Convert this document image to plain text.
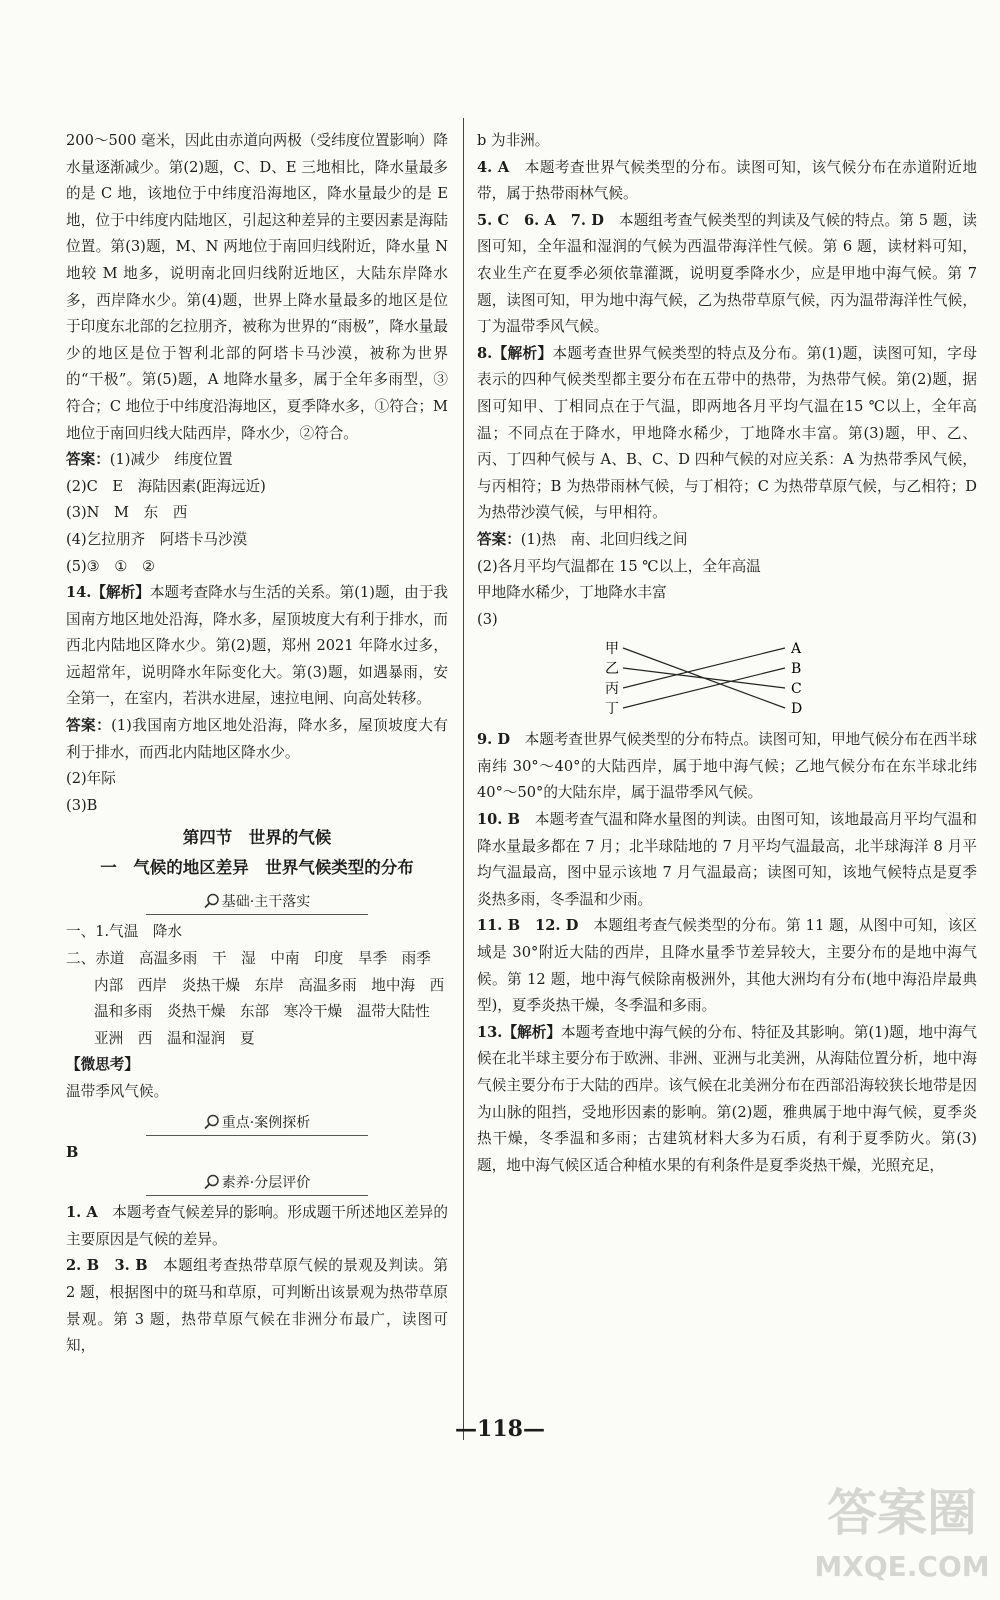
200～500 毫米，因此由赤道向两极（受纬度位置影响）降水量逐渐减少。第(2)题，C、D、E 三地相比，降水量最多的是 C 地，该地位于中纬度沿海地区，降水量最少的是 E 地，位于中纬度内陆地区，引起这种差异的主要因素是海陆位置。第(3)题，M、N 两地位于南回归线附近，降水量 N 地较 M 地多，说明南北回归线附近地区，大陆东岸降水多，西岸降水少。第(4)题，世界上降水量最多的地区是位于印度东北部的乞拉朋齐，被称为世界的“雨极”，降水量最少的地区是位于智利北部的阿塔卡马沙漠，被称为世界的“干极”。第(5)题，A 地降水量多，属于全年多雨型，③符合；C 地位于中纬度沿海地区，夏季降水多，①符合；M 地位于南回归线大陆西岸，降水少，②符合。

答案：(1)减少　纬度位置

(2)C　E　海陆因素(距海远近)

(3)N　M　东　西

(4)乞拉朋齐　阿塔卡马沙漠

(5)③　①　②

14.【解析】本题考查降水与生活的关系。第(1)题，由于我国南方地区地处沿海，降水多，屋顶坡度大有利于排水，而西北内陆地区降水少。第(2)题，郑州 2021 年降水过多，远超常年，说明降水年际变化大。第(3)题，如遇暴雨，安全第一，在室内，若洪水进屋，速拉电闸、向高处转移。

答案：(1)我国南方地区地处沿海，降水多，屋顶坡度大有利于排水，而西北内陆地区降水少。

(2)年际

(3)B

第四节　世界的气候
一　气候的地区差异　世界气候类型的分布
基础·主干落实

一、1.气温　降水

二、赤道　高温多雨　干　湿　中南　印度　旱季　雨季

内部　西岸　炎热干燥　东岸　高温多雨　地中海　西

温和多雨　炎热干燥　东部　寒冷干燥　温带大陆性

亚洲　西　温和湿润　夏

【微思考】

温带季风气候。

重点·案例探析

B

素养·分层评价

1. A　 本题考查气候差异的影响。形成题干所述地区差异的主要原因是气候的差异。

2. B　3. B　 本题组考查热带草原气候的景观及判读。第 2 题，根据图中的斑马和草原，可判断出该景观为热带草原景观。第 3 题，热带草原气候在非洲分布最广，读图可知，

b 为非洲。

4. A　 本题考查世界气候类型的分布。读图可知，该气候分布在赤道附近地带，属于热带雨林气候。

5. C　6. A　7. D　 本题组考查气候类型的判读及气候的特点。第 5 题，读图可知，全年温和湿润的气候为西温带海洋性气候。第 6 题，读材料可知，农业生产在夏季必须依靠灌溉，说明夏季降水少，应是甲地中海气候。第 7 题，读图可知，甲为地中海气候，乙为热带草原气候，丙为温带海洋性气候，丁为温带季风气候。

8.【解析】本题考查世界气候类型的特点及分布。第(1)题，读图可知，字母表示的四种气候类型都主要分布在五带中的热带，为热带气候。第(2)题，据图可知甲、丁相同点在于气温，即两地各月平均气温在15 ℃以上，全年高温；不同点在于降水，甲地降水稀少，丁地降水丰富。第(3)题，甲、乙、丙、丁四种气候与 A、B、C、D 四种气候的对应关系：A 为热带季风气候，与丙相符；B 为热带雨林气候，与丁相符；C 为热带草原气候，与乙相符；D 为热带沙漠气候，与甲相符。

答案：(1)热　南、北回归线之间

(2)各月平均气温都在 15 ℃以上，全年高温

甲地降水稀少，丁地降水丰富

(3)

甲
乙
丙
丁
A
B
C
D

9. D　 本题考查世界气候类型的分布特点。读图可知，甲地气候分布在西半球南纬 30°～40°的大陆西岸，属于地中海气候；乙地气候分布在东半球北纬 40°～50°的大陆东岸，属于温带季风气候。

10. B　 本题考查气温和降水量图的判读。由图可知，该地最高月平均气温和降水量最多都在 7 月；北半球陆地的 7 月平均气温最高，北半球海洋 8 月平均气温最高，图中显示该地 7 月气温最高；读图可知，该地气候特点是夏季炎热多雨，冬季温和少雨。

11. B　12. D　 本题组考查气候类型的分布。第 11 题，从图中可知，该区域是 30°附近大陆的西岸，且降水量季节差异较大，主要分布的是地中海气候。第 12 题，地中海气候除南极洲外，其他大洲均有分布(地中海沿岸最典型)，夏季炎热干燥，冬季温和多雨。

13.【解析】本题考查地中海气候的分布、特征及其影响。第(1)题，地中海气候在北半球主要分布于欧洲、非洲、亚洲与北美洲，从海陆位置分析，地中海气候主要分布于大陆的西岸。该气候在北美洲分布在西部沿海较狭长地带是因为山脉的阻挡，受地形因素的影响。第(2)题，雅典属于地中海气候，夏季炎热干燥，冬季温和多雨；古建筑材料大多为石质，有利于夏季防火。第(3)题，地中海气候区适合种植水果的有利条件是夏季炎热干燥，光照充足，

—118—
答案圈
MXQE.COM
